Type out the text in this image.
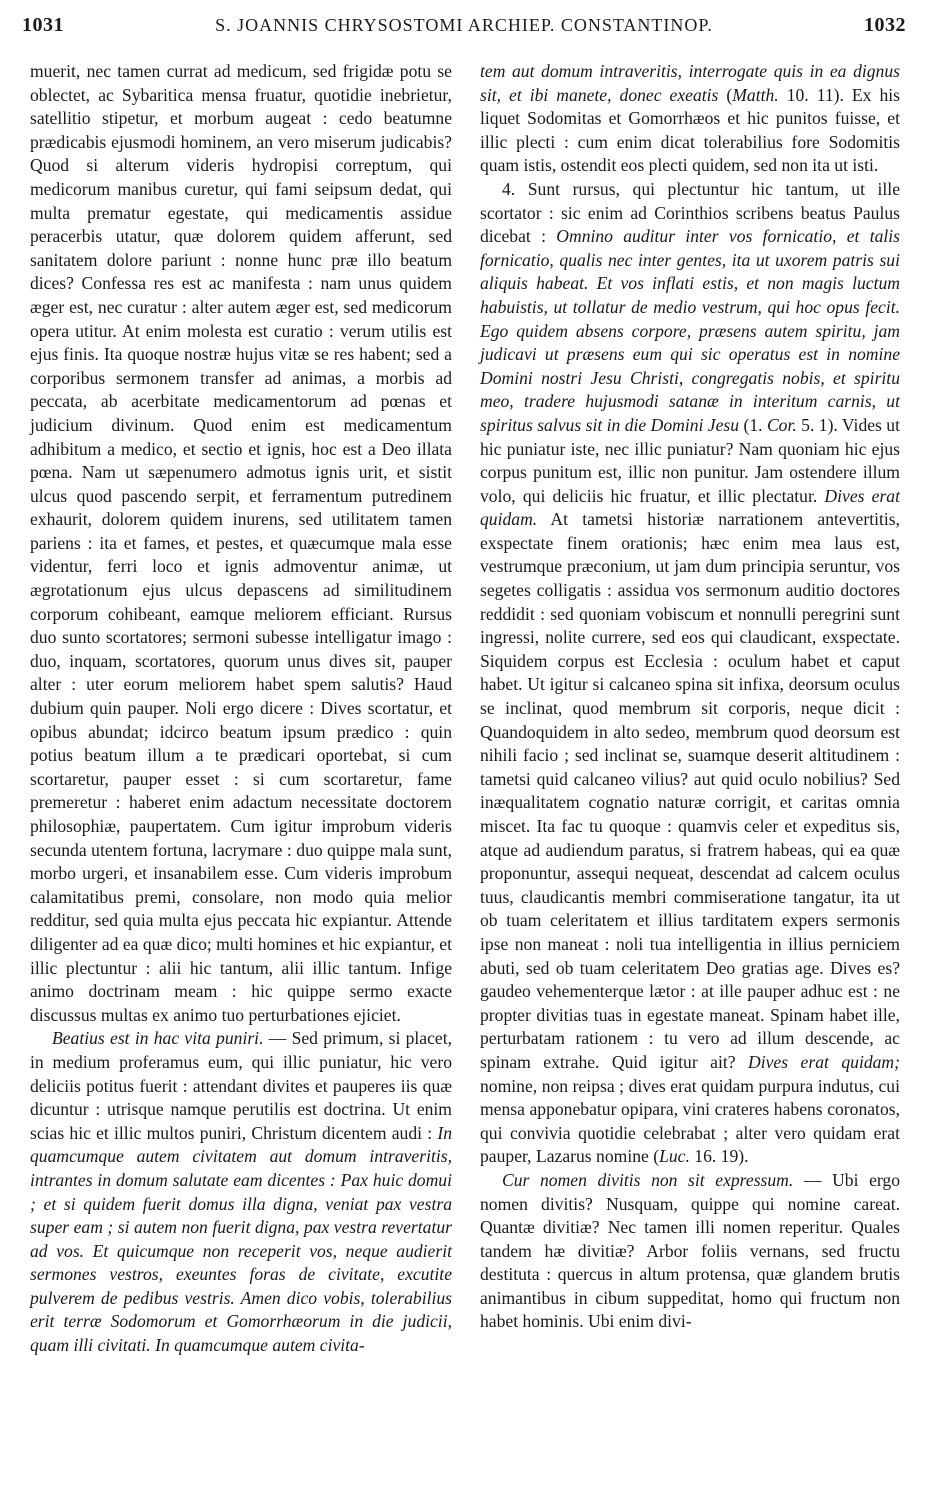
1031	S. JOANNIS CHRYSOSTOMI ARCHIEP. CONSTANTINOP.	1032

muerit, nec tamen currat ad medicum, sed frigidæ potu se oblectet, ac Sybaritica mensa fruatur, quotidie inebrietur, satellitio stipetur, et morbum augeat : cedo beatumne prædicabis ejusmodi hominem, an vero miserum judicabis? Quod si alterum videris hydropisi correptum, qui medicorum manibus curetur, qui fami seipsum dedat, qui multa prematur egestate, qui medicamentis assidue peracerbis utatur, quæ dolorem quidem afferunt, sed sanitatem dolore pariunt : nonne hunc præ illo beatum dices? Confessa res est ac manifesta : nam unus quidem æger est, nec curatur : alter autem æger est, sed medicorum opera utitur. At enim molesta est curatio : verum utilis est ejus finis. Ita quoque nostræ hujus vitæ se res habent; sed a corporibus sermonem transfer ad animas, a morbis ad peccata, ab acerbitate medicamentorum ad pœnas et judicium divinum. Quod enim est medicamentum adhibitum a medico, et sectio et ignis, hoc est a Deo illata pœna. Nam ut sæpenumero admotus ignis urit, et sistit ulcus quod pascendo serpit, et ferramentum putredinem exhaurit, dolorem quidem inurens, sed utilitatem tamen pariens : ita et fames, et pestes, et quæcumque mala esse videntur, ferri loco et ignis admoventur animæ, ut ægrotationum ejus ulcus depascens ad similitudinem corporum cohibeant, eamque meliorem efficiant. Rursus duo sunto scortatores; sermoni subesse intelligatur imago : duo, inquam, scortatores, quorum unus dives sit, pauper alter : uter eorum meliorem habet spem salutis? Haud dubium quin pauper. Noli ergo dicere : Dives scortatur, et opibus abundat; idcirco beatum ipsum prædico : quin potius beatum illum a te prædicari oportebat, si cum scortaretur, pauper esset : si cum scortaretur, fame premeretur : haberet enim adactum necessitate doctorem philosophiæ, paupertatem. Cum igitur improbum videris secunda utentem fortuna, lacrymare : duo quippe mala sunt, morbo urgeri, et insanabilem esse. Cum videris improbum calamitatibus premi, consolare, non modo quia melior redditur, sed quia multa ejus peccata hic expiantur. Attende diligenter ad ea quæ dico; multi homines et hic expiantur, et illic plectuntur : alii hic tantum, alii illic tantum. Infige animo doctrinam meam : hic quippe sermo exacte discussus multas ex animo tuo perturbationes ejiciet.

Beatius est in hac vita puniri. — Sed primum, si placet, in medium proferamus eum, qui illic puniatur, hic vero deliciis potitus fuerit : attendant divites et pauperes iis quæ dicuntur : utrisque namque perutilis est doctrina. Ut enim scias hic et illic multos puniri, Christum dicentem audi : In quamcumque autem civitatem aut domum intraveritis, intrantes in domum salutate eam dicentes : Pax huic domui ; et si quidem fuerit domus illa digna, veniat pax vestra super eam ; si autem non fuerit digna, pax vestra revertatur ad vos. Et quicumque non receperit vos, neque audierit sermones vestros, exeuntes foras de civitate, excutite pulverem de pedibus vestris. Amen dico vobis, tolerabilius erit terræ Sodomorum et Gomorrhæorum in die judicii, quam illi civitati. In quamcumque autem civita-

tem aut domum intraveritis, interrogate quis in ea dignus sit, et ibi manete, donec exeatis (Matth. 10. 11). Ex his liquet Sodomitas et Gomorrhæos et hic punitos fuisse, et illic plecti : cum enim dicat tolerabilius fore Sodomitis quam istis, ostendit eos plecti quidem, sed non ita ut isti.

4. Sunt rursus, qui plectuntur hic tantum, ut ille scortator : sic enim ad Corinthios scribens beatus Paulus dicebat : Omnino auditur inter vos fornicatio, et talis fornicatio, qualis nec inter gentes, ita ut uxorem patris sui aliquis habeat. Et vos inflati estis, et non magis luctum habuistis, ut tollatur de medio vestrum, qui hoc opus fecit. Ego quidem absens corpore, præsens autem spiritu, jam judicavi ut præsens eum qui sic operatus est in nomine Domini nostri Jesu Christi, congregatis nobis, et spiritu meo, tradere hujusmodi satanæ in interitum carnis, ut spiritus salvus sit in die Domini Jesu (1. Cor. 5. 1). Vides ut hic puniatur iste, nec illic puniatur? Nam quoniam hic ejus corpus punitum est, illic non punitur. Jam ostendere illum volo, qui deliciis hic fruatur, et illic plectatur. Dives erat quidam. At tametsi historiæ narrationem antevertitis, exspectate finem orationis; hæc enim mea laus est, vestrumque præconium, ut jam dum principia seruntur, vos segetes colligatis : assidua vos sermonum auditio doctores reddidit : sed quoniam vobiscum et nonnulli peregrini sunt ingressi, nolite currere, sed eos qui claudicant, exspectate. Siquidem corpus est Ecclesia : oculum habet et caput habet. Ut igitur si calcaneo spina sit infixa, deorsum oculus se inclinat, quod membrum sit corporis, neque dicit : Quandoquidem in alto sedeo, membrum quod deorsum est nihili facio ; sed inclinat se, suamque deserit altitudinem : tametsi quid calcaneo vilius? aut quid oculo nobilius? Sed inæqualitatem cognatio naturæ corrigit, et caritas omnia miscet. Ita fac tu quoque : quamvis celer et expeditus sis, atque ad audiendum paratus, si fratrem habeas, qui ea quæ proponuntur, assequi nequeat, descendat ad calcem oculus tuus, claudicantis membri commiseratione tangatur, ita ut ob tuam celeritatem et illius tarditatem expers sermonis ipse non maneat : noli tua intelligentia in illius perniciem abuti, sed ob tuam celeritatem Deo gratias age. Dives es? gaudeo vehementerque lætor : at ille pauper adhuc est : ne propter divitias tuas in egestate maneat. Spinam habet ille, perturbatam rationem : tu vero ad illum descende, ac spinam extrahe. Quid igitur ait? Dives erat quidam; nomine, non reipsa ; dives erat quidam purpura indutus, cui mensa apponebatur opipara, vini crateres habens coronatos, qui convivia quotidie celebrabat ; alter vero quidam erat pauper, Lazarus nomine (Luc. 16. 19).

Cur nomen divitis non sit expressum. — Ubi ergo nomen divitis? Nusquam, quippe qui nomine careat. Quantæ divitiæ? Nec tamen illi nomen reperitur. Quales tandem hæ divitiæ? Arbor foliis vernans, sed fructu destituta : quercus in altum protensa, quæ glandem brutis animantibus in cibum suppeditat, homo qui fructum non habet hominis. Ubi enim divi-
